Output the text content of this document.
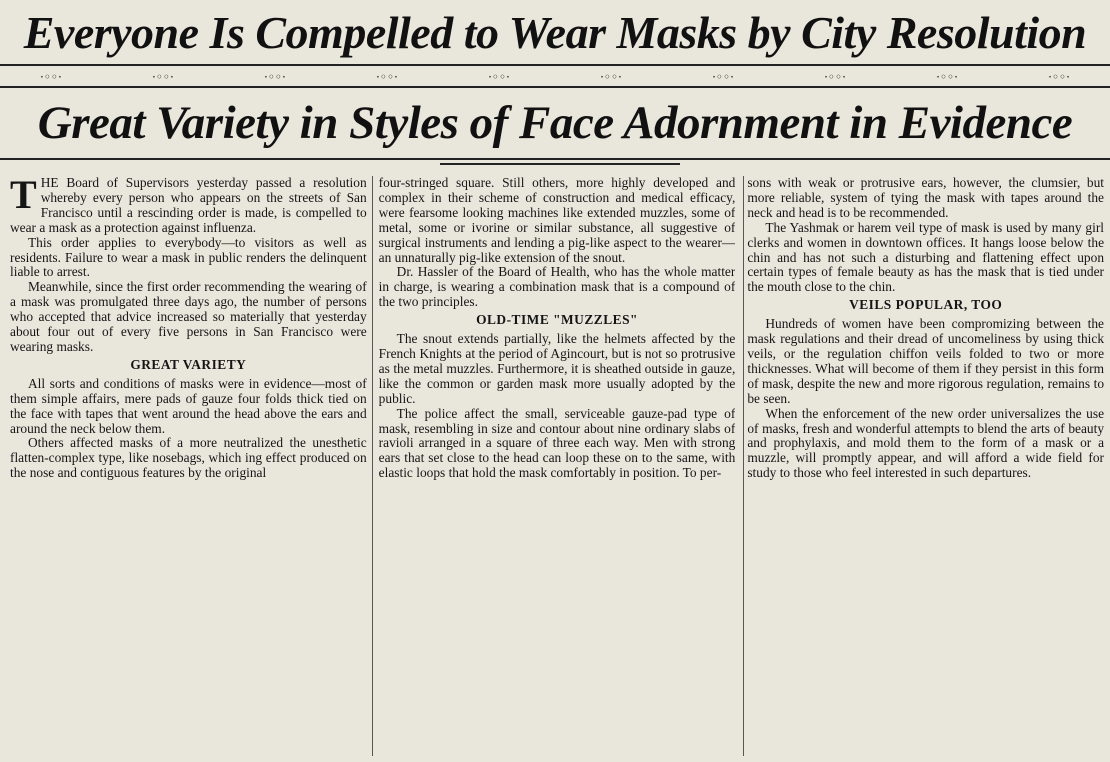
Everyone Is Compelled to Wear Masks by City Resolution
·◦◦·	·◦◦·	·◦◦·	·◦◦·	·◦◦·	·◦◦·	·◦◦·	·◦◦·	·◦◦·	·◦◦·
Great Variety in Styles of Face Adornment in Evidence

THE Board of Supervisors yesterday passed a resolution whereby every person who appears on the streets of San Francisco until a rescinding order is made, is compelled to wear a mask as a protection against influenza.

This order applies to everybody—to visitors as well as residents. Failure to wear a mask in public renders the delinquent liable to arrest.

Meanwhile, since the first order recommending the wearing of a mask was promulgated three days ago, the number of persons who accepted that advice increased so materially that yesterday about four out of every five persons in San Francisco were wearing masks.

GREAT VARIETY

All sorts and conditions of masks were in evidence—most of them simple affairs, mere pads of gauze four folds thick tied on the face with tapes that went around the head above the ears and around the neck below them.

Others affected masks of a more neutralized the unesthetic flatten-complex type, like nosebags, which ing effect produced on the nose and contiguous features by the original

four-stringed square. Still others, more highly developed and complex in their scheme of construction and medical efficacy, were fearsome looking machines like extended muzzles, some of metal, some or ivorine or similar substance, all suggestive of surgical instruments and lending a pig-like aspect to the wearer—an unnaturally pig-like extension of the snout.

Dr. Hassler of the Board of Health, who has the whole matter in charge, is wearing a combination mask that is a compound of the two principles.

OLD-TIME "MUZZLES"

The snout extends partially, like the helmets affected by the French Knights at the period of Agincourt, but is not so protrusive as the metal muzzles. Furthermore, it is sheathed outside in gauze, like the common or garden mask more usually adopted by the public.

The police affect the small, serviceable gauze-pad type of mask, resembling in size and contour about nine ordinary slabs of ravioli arranged in a square of three each way. Men with strong ears that set close to the head can loop these on to the same, with elastic loops that hold the mask comfortably in position. To per-

sons with weak or protrusive ears, however, the clumsier, but more reliable, system of tying the mask with tapes around the neck and head is to be recommended.

The Yashmak or harem veil type of mask is used by many girl clerks and women in downtown offices. It hangs loose below the chin and has not such a disturbing and flattening effect upon certain types of female beauty as has the mask that is tied under the mouth close to the chin.

VEILS POPULAR, TOO

Hundreds of women have been compromizing between the mask regulations and their dread of uncomeliness by using thick veils, or the regulation chiffon veils folded to two or more thicknesses. What will become of them if they persist in this form of mask, despite the new and more rigorous regulation, remains to be seen.

When the enforcement of the new order universalizes the use of masks, fresh and wonderful attempts to blend the arts of beauty and prophylaxis, and mold them to the form of a mask or a muzzle, will promptly appear, and will afford a wide field for study to those who feel interested in such departures.
